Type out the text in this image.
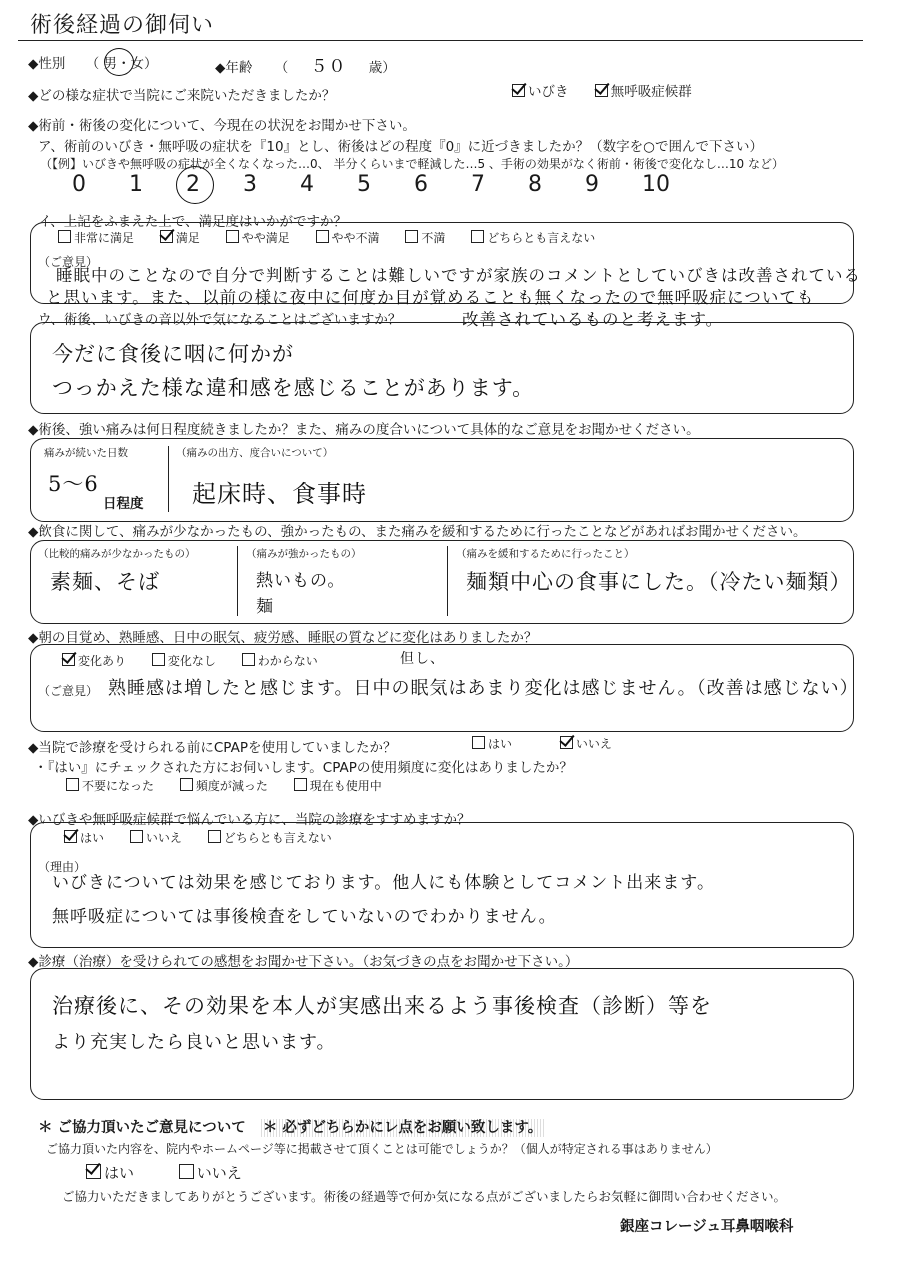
術後経過の御伺い
◆性別 （ 男・女）	◆年齢 （ ５０ 歳）
◆どの様な症状で当院にご来院いただきましたか？	いびき	無呼吸症候群
◆術前・術後の変化について、今現在の状況をお聞かせ下さい。
ア、術前のいびき・無呼吸の症状を『10』とし、術後はどの程度『0』に近づきましたか？（数字を○で囲んで下さい）
（【例】いびきや無呼吸の症状が全くなくなった…0、 半分くらいまで軽減した…5 、手術の効果がなく術前・術後で変化なし…10 など）
0 1 2 3 4 5 6 7 8 9 10
イ、上記をふまえた上で、満足度はいかがですか？
非常に満足	満足	やや満足	やや不満	不満	どちらとも言えない
（ご意見）
睡眠中のことなので自分で判断することは難しいですが家族のコメントとしていびきは改善されている
と思います。また、以前の様に夜中に何度か目が覚めることも無くなったので無呼吸症についても
改善されているものと考えます。
ウ、術後、いびきの音以外で気になることはございますか？
今だに食後に咽に何かが
つっかえた様な違和感を感じることがあります。
◆術後、強い痛みは何日程度続きましたか？また、痛みの度合いについて具体的なご意見をお聞かせください。
痛みが続いた日数
5～6
日程度
（痛みの出方、度合いについて）
起床時、食事時
◆飲食に関して、痛みが少なかったもの、強かったもの、また痛みを緩和するために行ったことなどがあればお聞かせください。
（比較的痛みが少なかったもの）
素麺、そば
（痛みが強かったもの）
熱いもの。
麺
（痛みを緩和するために行ったこと）
麺類中心の食事にした。（冷たい麺類）
◆朝の目覚め、熟睡感、日中の眠気、疲労感、睡眠の質などに変化はありましたか？
変化あり	変化なし	わからない	但し、
（ご意見） 熟睡感は増したと感じます。日中の眠気はあまり変化は感じません。（改善は感じない）
◆当院で診療を受けられる前にCPAPを使用していましたか？	はい	いいえ
・『はい』にチェックされた方にお伺いします。CPAPの使用頻度に変化はありましたか？
不要になった	頻度が減った	現在も使用中
◆いびきや無呼吸症候群で悩んでいる方に、当院の診療をすすめますか？
はい	いいえ	どちらとも言えない
（理由）
いびきについては効果を感じております。他人にも体験としてコメント出来ます。
無呼吸症については事後検査をしていないのでわかりません。
◆診療（治療）を受けられての感想をお聞かせ下さい。（お気づきの点をお聞かせ下さい。）
治療後に、その効果を本人が実感出来るよう事後検査（診断）等を
より充実したら良いと思います。
＊ ご協力頂いたご意見について ＊ 必ずどちらかにレ点をお願い致します。
ご協力頂いた内容を、院内やホームページ等に掲載させて頂くことは可能でしょうか？（個人が特定される事はありません）
はい	いいえ
ご協力いただきましてありがとうございます。術後の経過等で何か気になる点がございましたらお気軽に御問い合わせください。
銀座コレージュ耳鼻咽喉科
